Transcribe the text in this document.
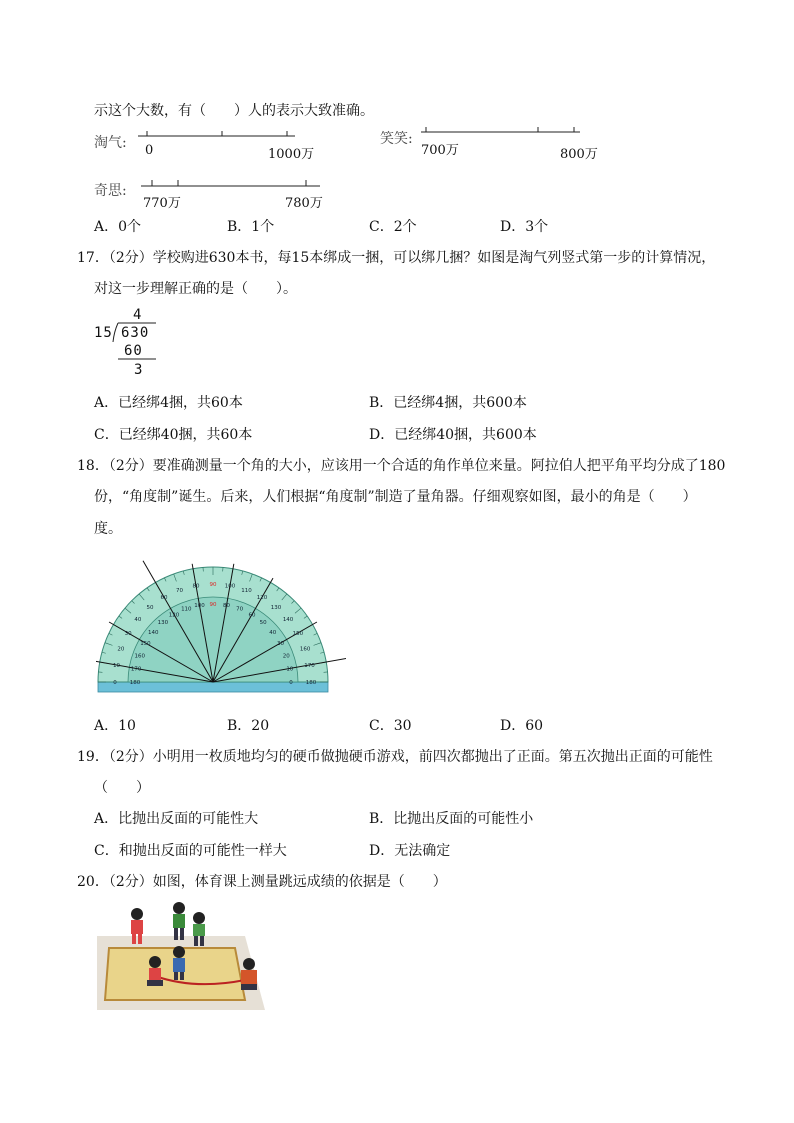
示这个大数，有（　　）人的表示大致准确。
淘气: 0	1000万
笑笑:
700万	800万
奇思:
770万	780万
A．0个	B．1个	C．2个	D．3个
17．（2分）学校购进630本书，每15本绑成一捆，可以绑几捆？如图是淘气列竖式第一步的计算情况，
对这一步理解正确的是（　　）。
4
15 630
60
3
A．已经绑4捆，共60本	B．已经绑4捆，共600本
C．已经绑40捆，共60本	D．已经绑40捆，共600本
18．（2分）要准确测量一个角的大小，应该用一个合适的角作单位来量。阿拉伯人把平角平均分成了180
份，“角度制”诞生。后来，人们根据“角度制”制造了量角器。仔细观察如图，最小的角是（　　）
度。
180
0
170
10
160
20
150
30
140
40
130
50
120
60
110
70
100
80
90
90
80
100
70
110
60
120
50
130
40
140
30
150
20
160
10
170
0 180
A．10	B．20	C．30	D．60
19．（2分）小明用一枚质地均匀的硬币做抛硬币游戏，前四次都抛出了正面。第五次抛出正面的可能性
（　　）
A．比抛出反面的可能性大	B．比抛出反面的可能性小
C．和抛出反面的可能性一样大	D．无法确定
20．（2分）如图，体育课上测量跳远成绩的依据是（　　）
